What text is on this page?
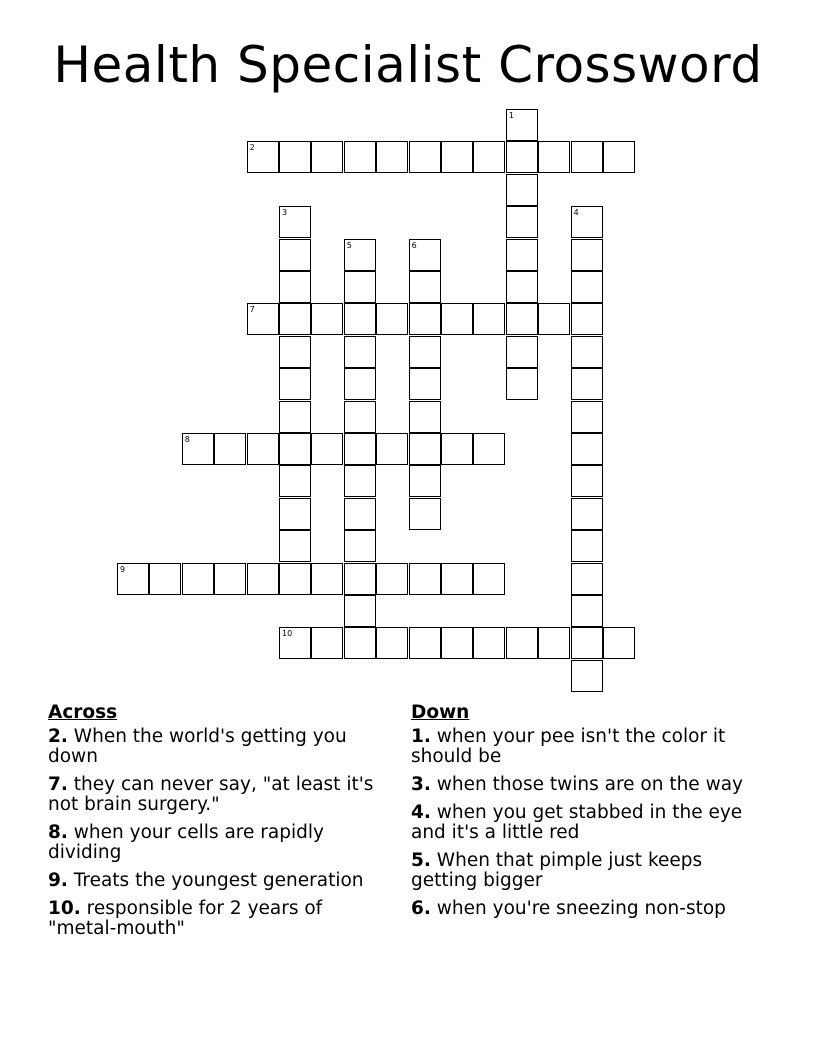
Health Specialist Crossword
1
2
3	4
5	6
7
8
9
10
Across
2. When the world's getting you down
7. they can never say, "at least it's not brain surgery."
8. when your cells are rapidly dividing
9. Treats the youngest generation
10. responsible for 2 years of "metal-mouth"
Down
1. when your pee isn't the color it should be
3. when those twins are on the way
4. when you get stabbed in the eye and it's a little red
5. When that pimple just keeps getting bigger
6. when you're sneezing non-stop
